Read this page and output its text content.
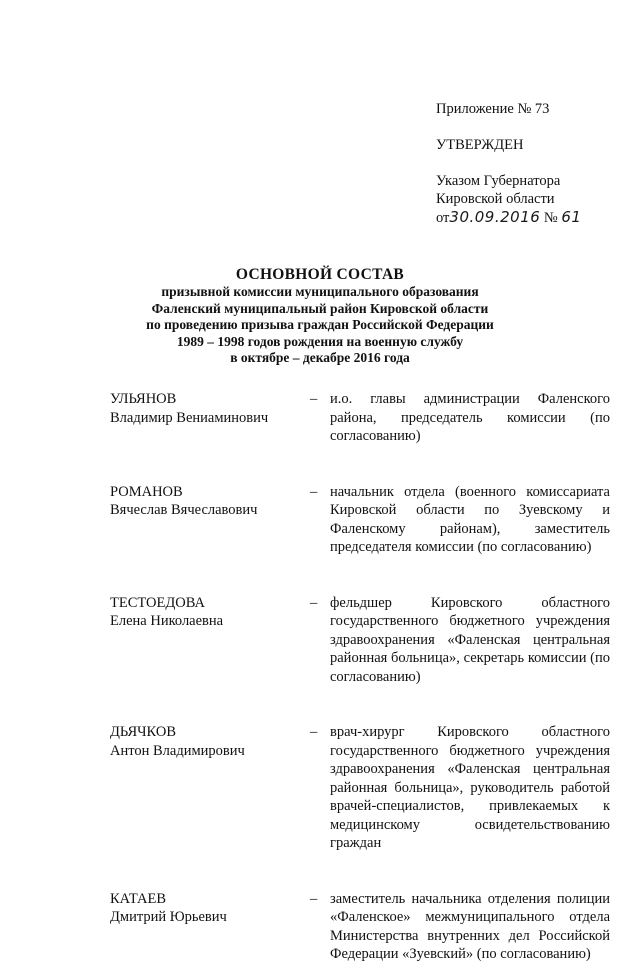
Приложение № 73
УТВЕРЖДЕН
Указом Губернатора
Кировской области
от30.09.2016 № 61
ОСНОВНОЙ СОСТАВ
призывной комиссии муниципального образования
Фаленский муниципальный район Кировской области
по проведению призыва граждан Российской Федерации
1989 – 1998 годов рождения на военную службу
в октябре – декабре 2016 года
УЛЬЯНОВ
Владимир Вениаминович
– и.о. главы администрации Фаленского района, председатель комиссии (по согласованию)
РОМАНОВ
Вячеслав Вячеславович
– начальник отдела (военного комиссариата Кировской области по Зуевскому и Фаленскому районам), заместитель председателя комиссии (по согласованию)
ТЕСТОЕДОВА
Елена Николаевна
– фельдшер Кировского областного государственного бюджетного учреждения здравоохранения «Фаленская центральная районная больница», секретарь комиссии (по согласованию)
ДЬЯЧКОВ
Антон Владимирович
– врач-хирург Кировского областного государственного бюджетного учреждения здравоохранения «Фаленская центральная районная больница», руководитель работой врачей-специалистов, привлекаемых к медицинскому освидетельствованию граждан
КАТАЕВ
Дмитрий Юрьевич
– заместитель начальника отделения полиции «Фаленское» межмуниципального отдела Министерства внутренних дел Российской Федерации «Зуевский» (по согласованию)
